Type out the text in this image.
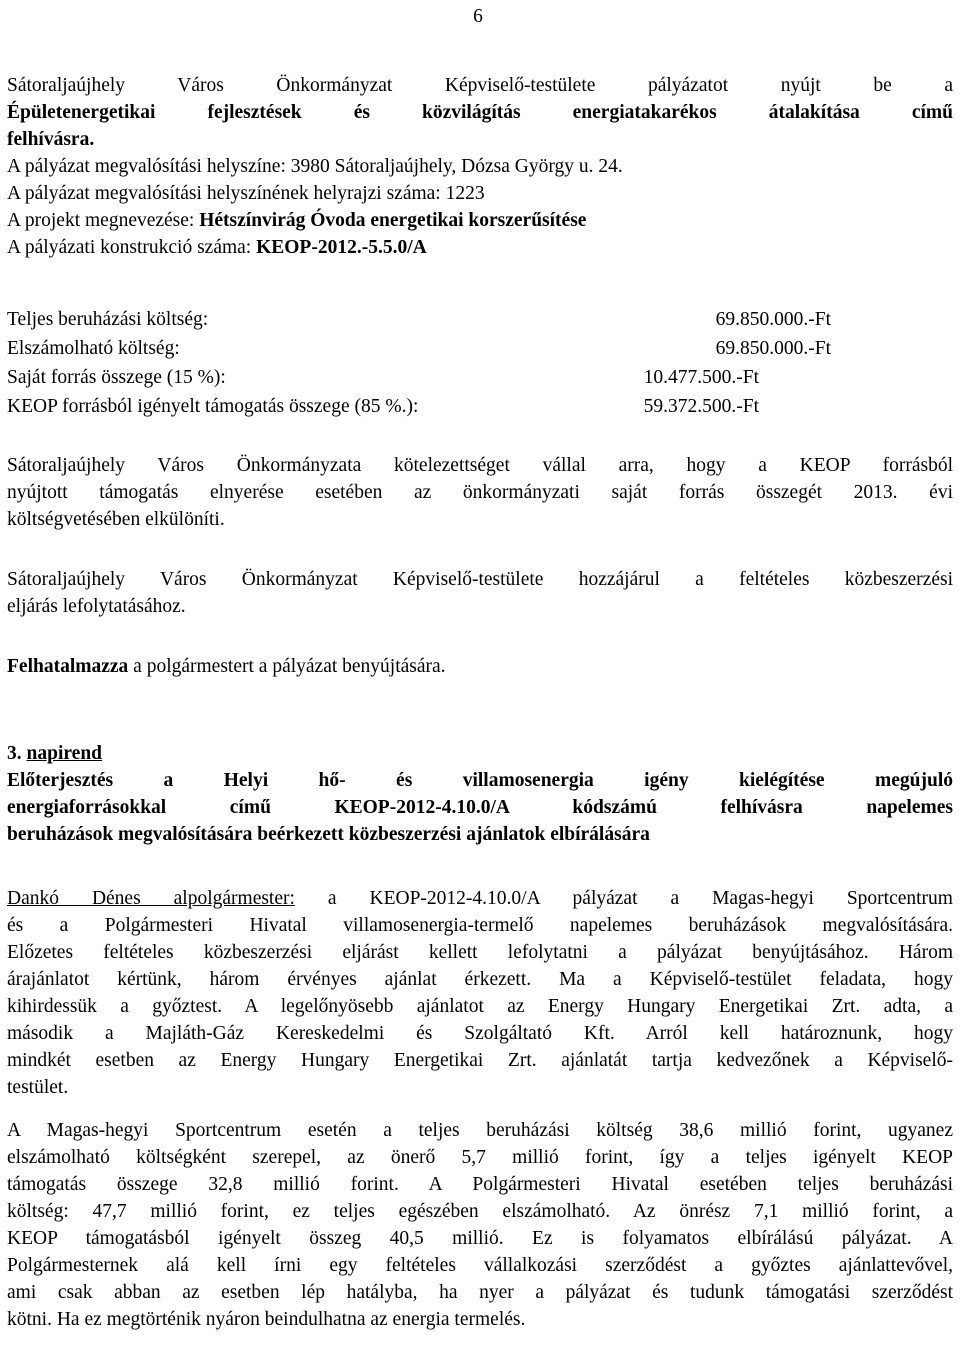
6

Sátoraljaújhely Város Önkormányzat Képviselő-testülete pályázatot nyújt be a

Épületenergetikai fejlesztések és közvilágítás energiatakarékos átalakítása című

felhívásra.

A pályázat megvalósítási helyszíne: 3980 Sátoraljaújhely, Dózsa György u. 24.

A pályázat megvalósítási helyszínének helyrajzi száma: 1223

A projekt megnevezése: Hétszínvirág Óvoda energetikai korszerűsítése

A pályázati konstrukció száma: KEOP-2012.-5.5.0/A

Teljes beruházási költség:	69.850.000.-Ft
Elszámolható költség:	69.850.000.-Ft
Saját forrás összege (15 %):	10.477.500.-Ft
KEOP forrásból igényelt támogatás összege (85 %.):	59.372.500.-Ft

Sátoraljaújhely Város Önkormányzata kötelezettséget vállal arra, hogy a KEOP forrásból

nyújtott támogatás elnyerése esetében az önkormányzati saját forrás összegét 2013. évi

költségvetésében elkülöníti.

Sátoraljaújhely Város Önkormányzat Képviselő-testülete hozzájárul a feltételes közbeszerzési

eljárás lefolytatásához.

Felhatalmazza a polgármestert a pályázat benyújtására.

3. napirend

Előterjesztés a Helyi hő- és villamosenergia igény kielégítése megújuló

energiaforrásokkal című KEOP-2012-4.10.0/A kódszámú felhívásra napelemes

beruházások megvalósítására beérkezett közbeszerzési ajánlatok elbírálására

Dankó Dénes alpolgármester: a KEOP-2012-4.10.0/A pályázat a Magas-hegyi Sportcentrum

és a Polgármesteri Hivatal villamosenergia-termelő napelemes beruházások megvalósítására.

Előzetes feltételes közbeszerzési eljárást kellett lefolytatni a pályázat benyújtásához. Három

árajánlatot kértünk, három érvényes ajánlat érkezett. Ma a Képviselő-testület feladata, hogy

kihirdessük a győztest. A legelőnyösebb ajánlatot az Energy Hungary Energetikai Zrt. adta, a

második a Majláth-Gáz Kereskedelmi és Szolgáltató Kft. Arról kell határoznunk, hogy

mindkét esetben az Energy Hungary Energetikai Zrt. ajánlatát tartja kedvezőnek a Képviselő-

testület.

A Magas-hegyi Sportcentrum esetén a teljes beruházási költség 38,6 millió forint, ugyanez

elszámolható költségként szerepel, az önerő 5,7 millió forint, így a teljes igényelt KEOP

támogatás összege 32,8 millió forint. A Polgármesteri Hivatal esetében teljes beruházási

költség: 47,7 millió forint, ez teljes egészében elszámolható. Az önrész 7,1 millió forint, a

KEOP támogatásból igényelt összeg 40,5 millió. Ez is folyamatos elbírálású pályázat. A

Polgármesternek alá kell írni egy feltételes vállalkozási szerződést a győztes ajánlattevővel,

ami csak abban az esetben lép hatályba, ha nyer a pályázat és tudunk támogatási szerződést

kötni. Ha ez megtörténik nyáron beindulhatna az energia termelés.
